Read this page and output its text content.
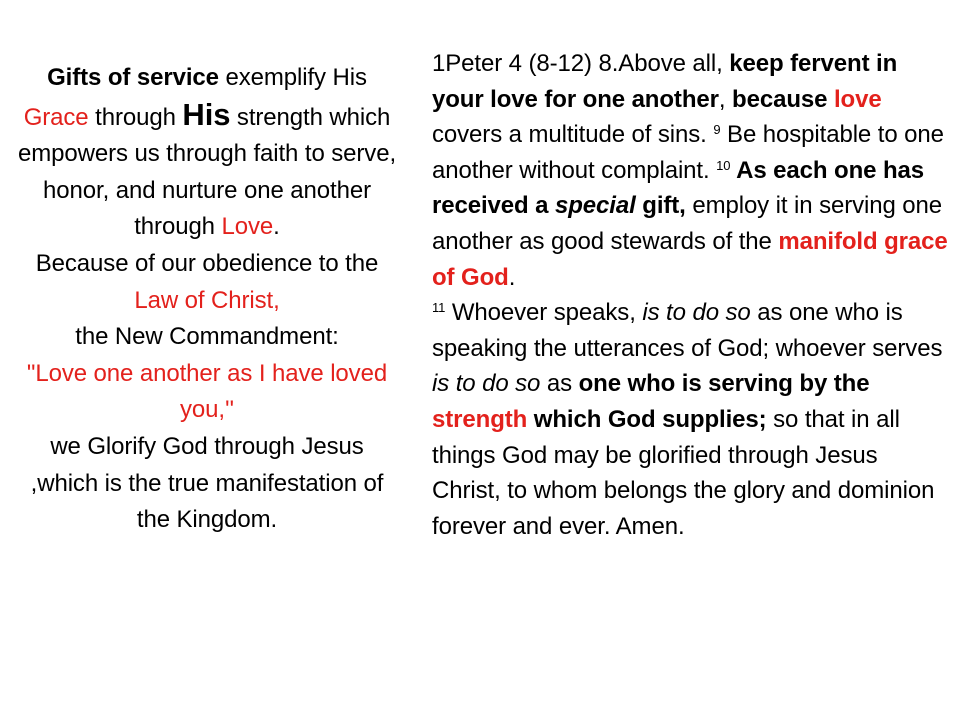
Gifts of service exemplify His Grace through His strength which empowers us through faith to serve, honor, and nurture one another through Love.
Because of our obedience to the Law of Christ,
the New Commandment:
"Love one another as I have loved you,''
we Glorify God through Jesus ,which is the true manifestation of the Kingdom.
1Peter 4 (8-12) 8.Above all, keep fervent in your love for one another, because love covers a multitude of sins. $^9$ Be hospitable to one another without complaint. $^{10}$ As each one has received a special gift, employ it in serving one another as good stewards of the manifold grace of God.
$^{11}$ Whoever speaks, is to do so as one who is speaking the utterances of God; whoever serves is to do so as one who is serving by the strength which God supplies; so that in all things God may be glorified through Jesus Christ, to whom belongs the glory and dominion forever and ever. Amen.
